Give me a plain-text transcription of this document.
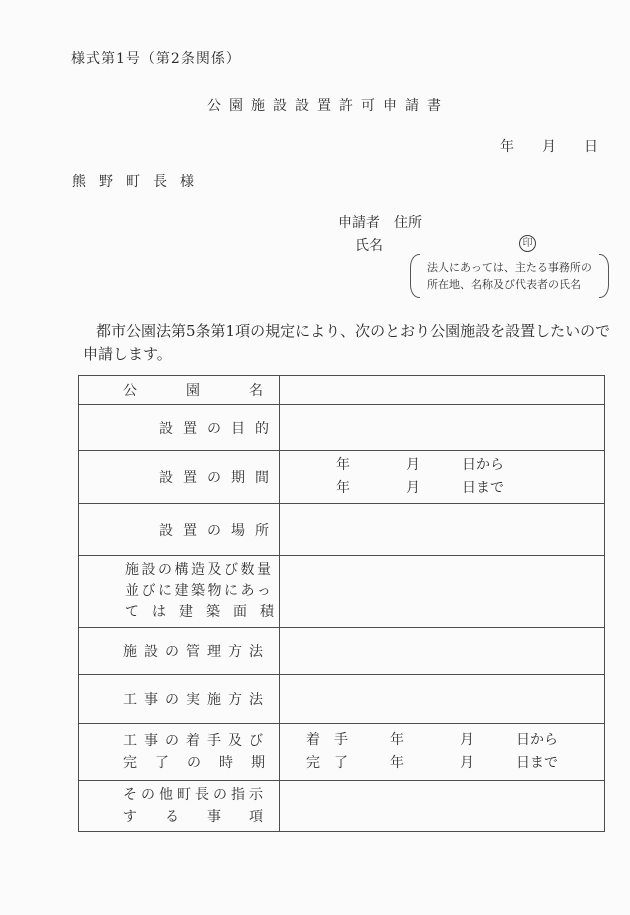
様式第1号（第2条関係）
公園施設設置許可申請書
年　　月　　日
熊野町長様
申請者　住所
氏名	印
法人にあっては、主たる事務所の
所在地、名称及び代表者の氏名
都市公園法第5条第1項の規定により、次のとおり公園施設を設置したいので
申請します。
公園名
設置の目的
設置の期間
年　　　　月　　　日から
年　　　　月　　　日まで
設置の場所
施設の構造及び数量
並びに建築物にあっ
ては建築面積
施設の管理方法
工事の実施方法
工事の着手及び
完了の時期
着　手　　　年　　　　月　　　日から
完　了　　　年　　　　月　　　日まで
その他町長の指示
する事項
